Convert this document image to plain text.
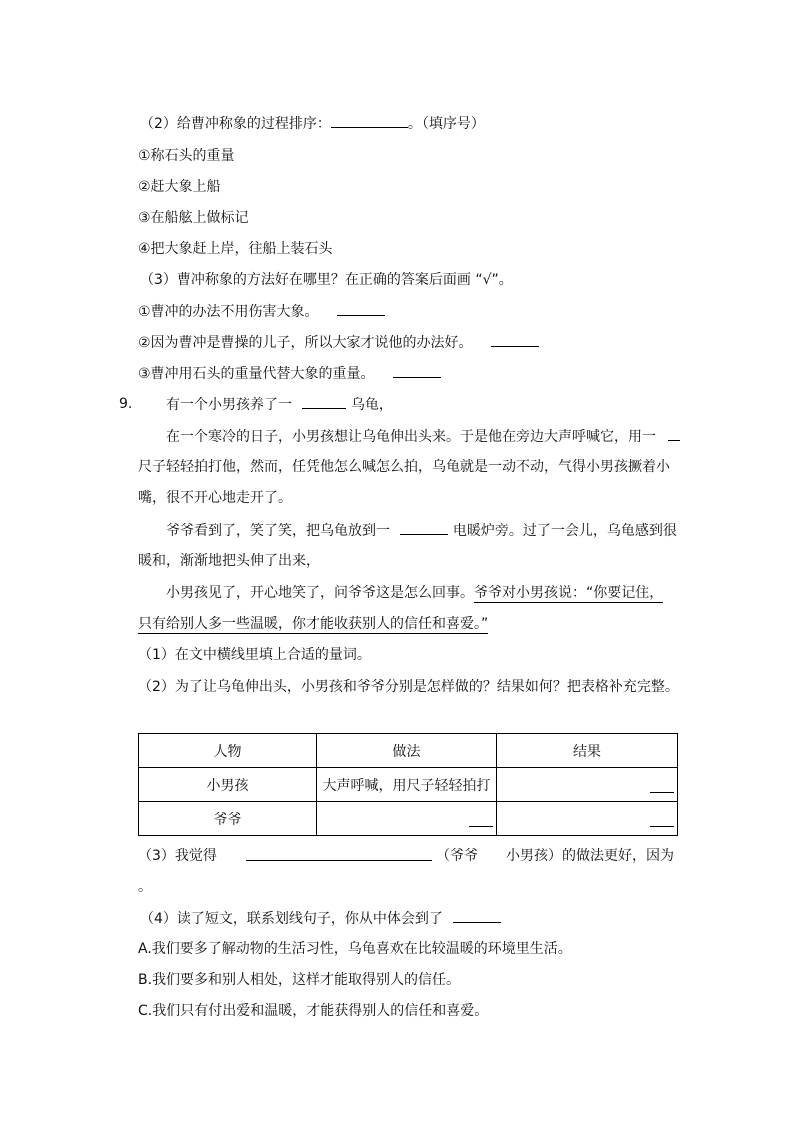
（2）给曹冲称象的过程排序：	。（填序号）
①称石头的重量
②赶大象上船
③在船舷上做标记
④把大象赶上岸，往船上装石头
（3）曹冲称象的方法好在哪里？在正确的答案后面画 “√”。
①曹冲的办法不用伤害大象。
②因为曹冲是曹操的儿子，所以大家才说他的办法好。
③曹冲用石头的重量代替大象的重量。
9. 有一个小男孩养了一	乌龟，
在一个寒冷的日子，小男孩想让乌龟伸出头来。于是他在旁边大声呼喊它，用一
尺子轻轻拍打他，然而，任凭他怎么喊怎么拍，乌龟就是一动不动，气得小男孩撅着小
嘴，很不开心地走开了。
爷爷看到了，笑了笑，把乌龟放到一	电暖炉旁。过了一会儿，乌龟感到很
暖和，渐渐地把头伸了出来，
小男孩见了，开心地笑了，问爷爷这是怎么回事。爷爷对小男孩说：“你要记住，
只有给别人多一些温暖，你才能收获别人的信任和喜爱。”
（1）在文中横线里填上合适的量词。
（2）为了让乌龟伸出头，小男孩和爷爷分别是怎样做的？结果如何？把表格补充完整。
人物	做法	结果
小男孩	大声呼喊，用尺子轻轻拍打	

爷爷	

（3）我觉得	（爷爷 小男孩）的做法更好，因为
。
（4）读了短文，联系划线句子，你从中体会到了
A.我们要多了解动物的生活习性，乌龟喜欢在比较温暖的环境里生活。
B.我们要多和别人相处，这样才能取得别人的信任。
C.我们只有付出爱和温暖，才能获得别人的信任和喜爱。
